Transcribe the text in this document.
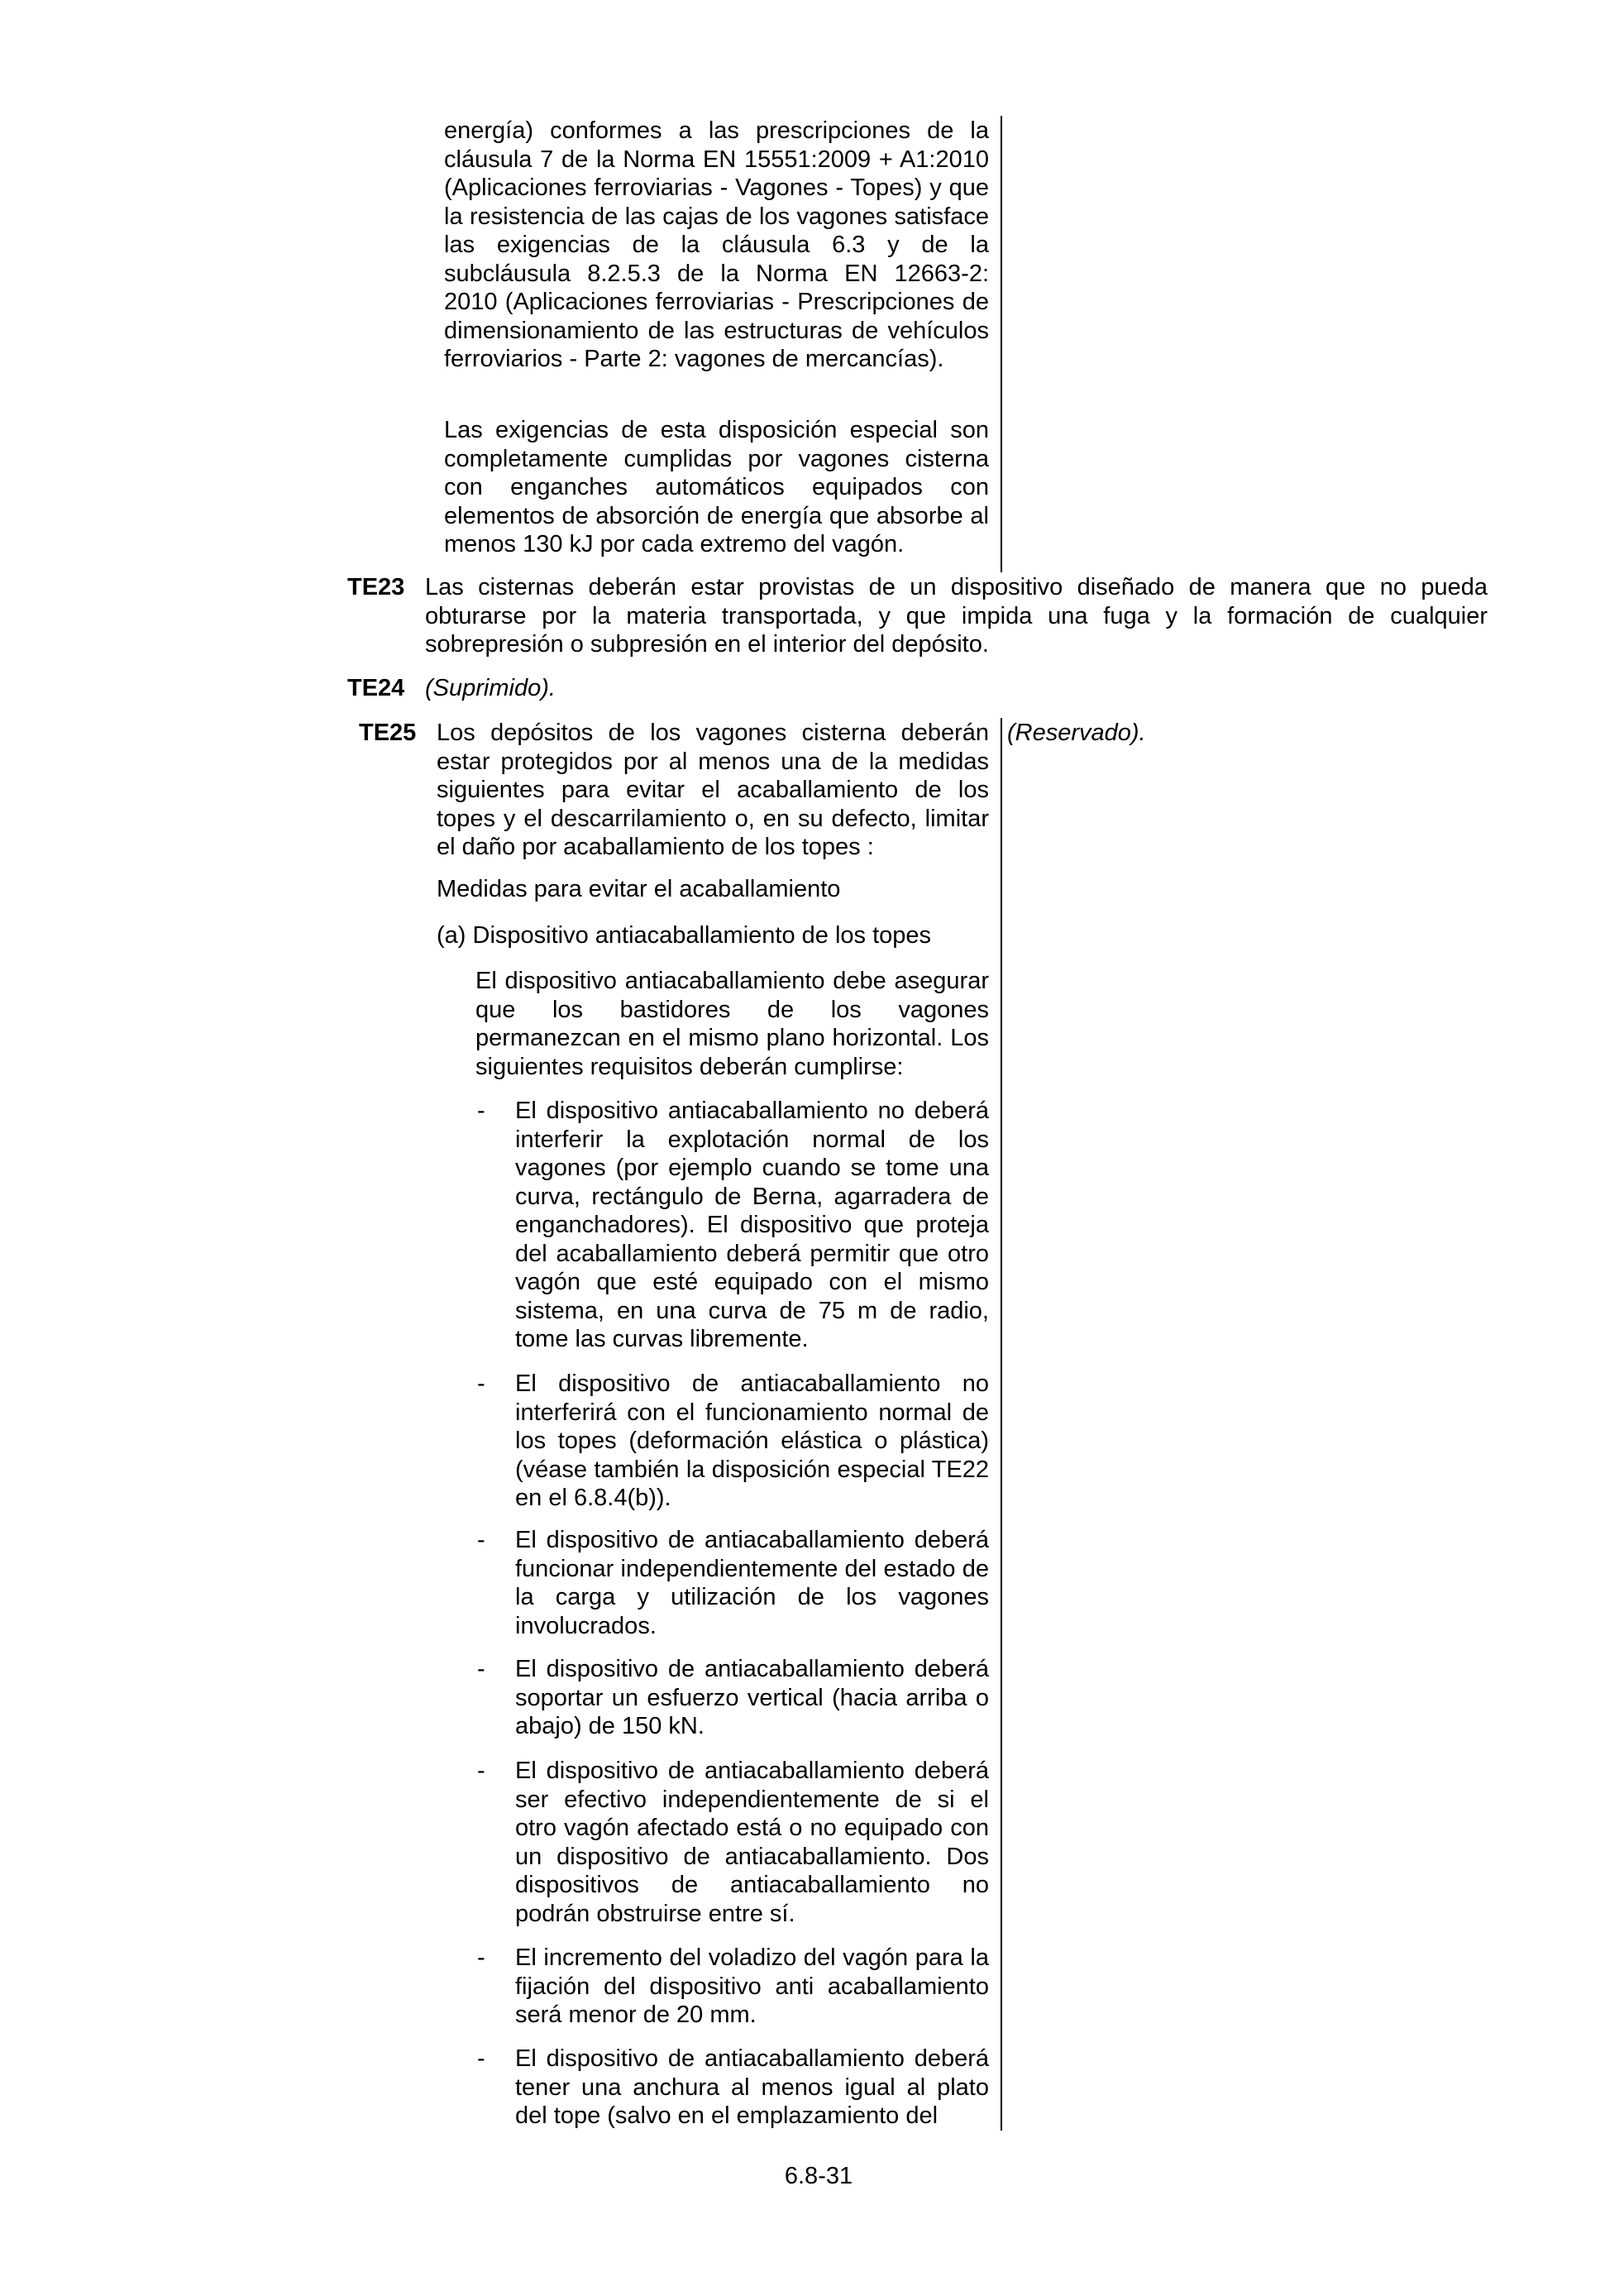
energía) conformes a las prescripciones de la cláusula 7 de la Norma EN 15551:2009 + A1:2010 (Aplicaciones ferroviarias - Vagones - Topes) y que la resistencia de las cajas de los vagones satisface las exigencias de la cláusula 6.3 y de la subcláusula 8.2.5.3 de la Norma EN 12663-2: 2010 (Aplicaciones ferroviarias - Prescripciones de dimensionamiento de las estructuras de vehículos ferroviarios - Parte 2: vagones de mercancías).

Las exigencias de esta disposición especial son completamente cumplidas por vagones cisterna con enganches automáticos equipados con elementos de absorción de energía que absorbe al menos 130 kJ por cada extremo del vagón.

TE23 Las cisternas deberán estar provistas de un dispositivo diseñado de manera que no pueda obturarse por la materia transportada, y que impida una fuga y la formación de cualquier sobrepresión o subpresión en el interior del depósito.

TE24 (Suprimido).

TE25	(Reservado).

Los depósitos de los vagones cisterna deberán estar protegidos por al menos una de la medidas siguientes para evitar el acaballamiento de los topes y el descarrilamiento o, en su defecto, limitar el daño por acaballamiento de los topes :

Medidas para evitar el acaballamiento

(a) Dispositivo antiacaballamiento de los topes

El dispositivo antiacaballamiento debe asegurar que los bastidores de los vagones permanezcan en el mismo plano horizontal. Los siguientes requisitos deberán cumplirse:

- El dispositivo antiacaballamiento no deberá interferir la explotación normal de los vagones (por ejemplo cuando se tome una curva, rectángulo de Berna, agarradera de enganchadores). El dispositivo que proteja del acaballamiento deberá permitir que otro vagón que esté equipado con el mismo sistema, en una curva de 75 m de radio, tome las curvas libremente.

- El dispositivo de antiacaballamiento no interferirá con el funcionamiento normal de los topes (deformación elástica o plástica) (véase también la disposición especial TE22 en el 6.8.4(b)).

- El dispositivo de antiacaballamiento deberá funcionar independientemente del estado de la carga y utilización de los vagones involucrados.

- El dispositivo de antiacaballamiento deberá soportar un esfuerzo vertical (hacia arriba o abajo) de 150 kN.

- El dispositivo de antiacaballamiento deberá ser efectivo independientemente de si el otro vagón afectado está o no equipado con un dispositivo de antiacaballamiento. Dos dispositivos de antiacaballamiento no podrán obstruirse entre sí.

- El incremento del voladizo del vagón para la fijación del dispositivo anti acaballamiento será menor de 20 mm.

- El dispositivo de antiacaballamiento deberá tener una anchura al menos igual al plato del tope (salvo en el emplazamiento del

6.8-31
